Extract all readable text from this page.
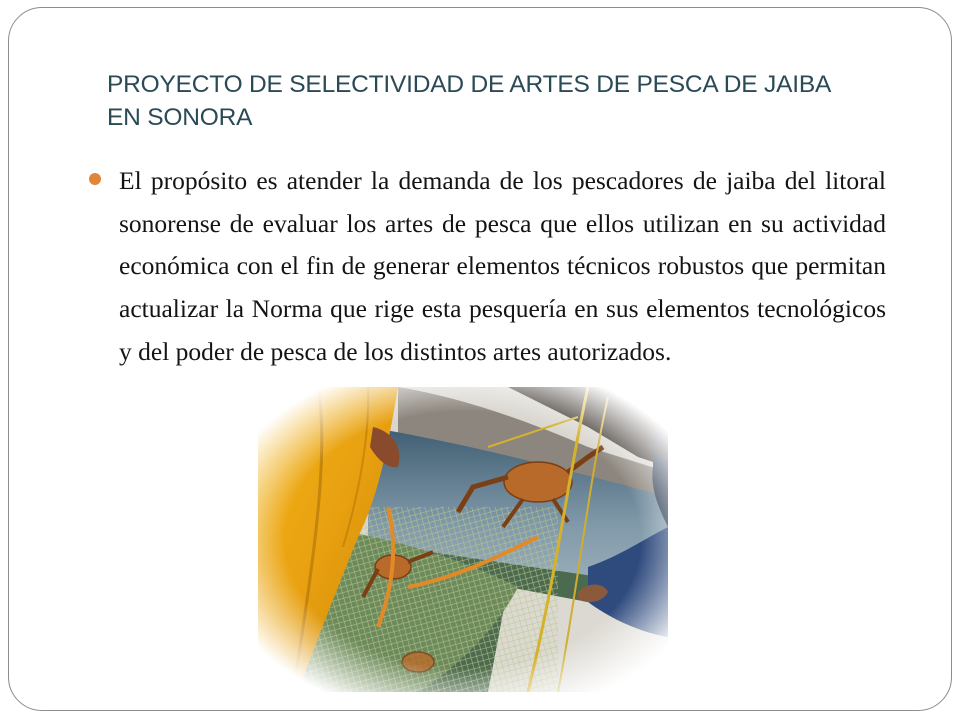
PROYECTO DE SELECTIVIDAD DE ARTES DE PESCA DE JAIBA EN SONORA
El propósito es atender la demanda de los pescadores de jaiba del litoral sonorense de evaluar los artes de pesca que ellos utilizan en su actividad económica con el fin de generar elementos técnicos robustos que permitan actualizar la Norma que rige esta pesquería en sus elementos tecnológicos y del poder de pesca de los distintos artes autorizados.
